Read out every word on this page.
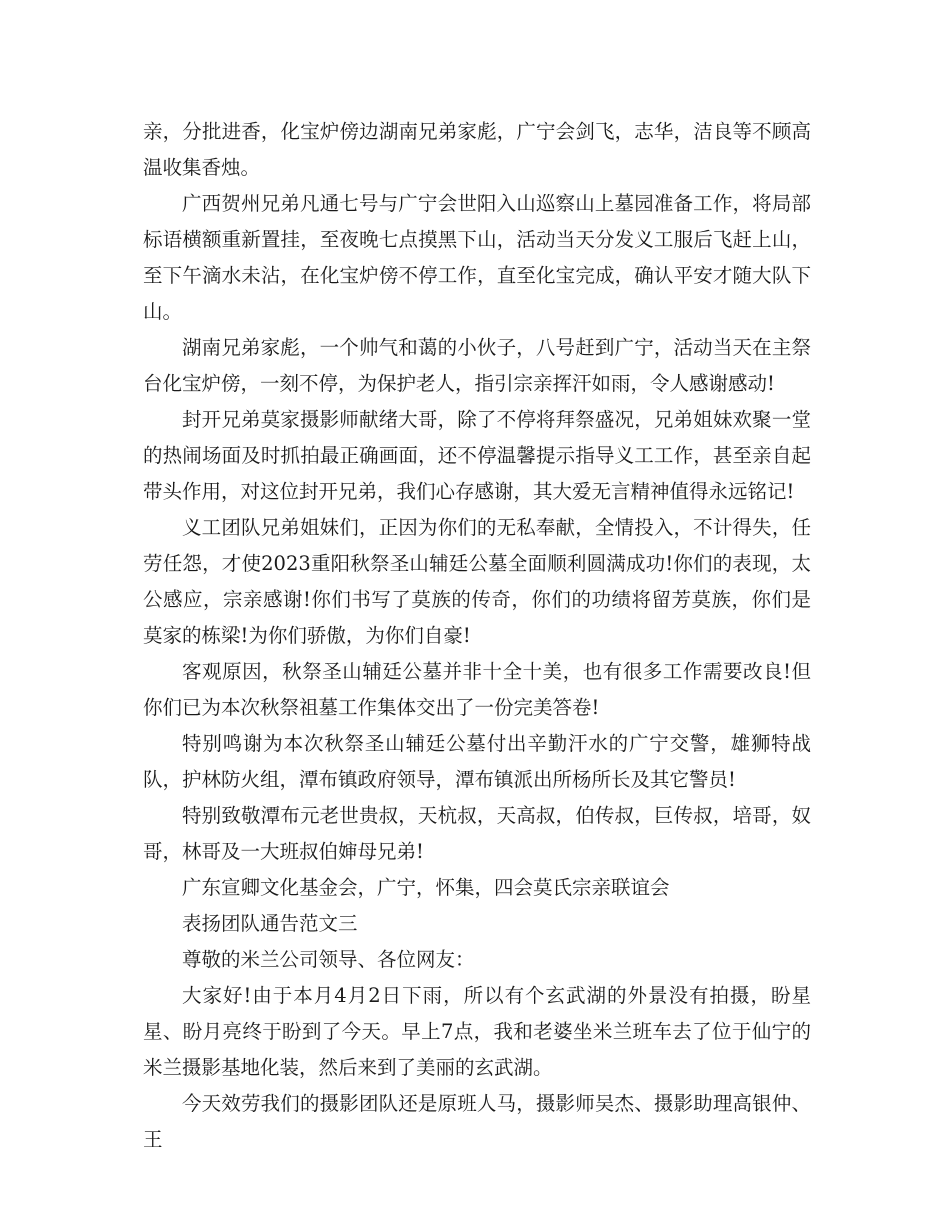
亲，分批进香，化宝炉傍边湖南兄弟家彪，广宁会剑飞，志华，洁良等不顾高温收集香烛。

广西贺州兄弟凡通七号与广宁会世阳入山巡察山上墓园准备工作，将局部标语横额重新置挂，至夜晚七点摸黑下山，活动当天分发义工服后飞赶上山，至下午滴水未沾，在化宝炉傍不停工作，直至化宝完成，确认平安才随大队下山。

湖南兄弟家彪，一个帅气和蔼的小伙子，八号赶到广宁，活动当天在主祭台化宝炉傍，一刻不停，为保护老人，指引宗亲挥汗如雨，令人感谢感动!

封开兄弟莫家摄影师献绪大哥，除了不停将拜祭盛况，兄弟姐妹欢聚一堂的热闹场面及时抓拍最正确画面，还不停温馨提示指导义工工作，甚至亲自起带头作用，对这位封开兄弟，我们心存感谢，其大爱无言精神值得永远铭记!

义工团队兄弟姐妹们，正因为你们的无私奉献，全情投入，不计得失，任劳任怨，才使2023重阳秋祭圣山辅廷公墓全面顺利圆满成功!你们的表现，太公感应，宗亲感谢!你们书写了莫族的传奇，你们的功绩将留芳莫族，你们是莫家的栋梁!为你们骄傲，为你们自豪!

客观原因，秋祭圣山辅廷公墓并非十全十美，也有很多工作需要改良!但你们已为本次秋祭祖墓工作集体交出了一份完美答卷!

特别鸣谢为本次秋祭圣山辅廷公墓付出辛勤汗水的广宁交警，雄狮特战队，护林防火组，潭布镇政府领导，潭布镇派出所杨所长及其它警员!

特别致敬潭布元老世贵叔，天杭叔，天高叔，伯传叔，巨传叔，培哥，奴哥，林哥及一大班叔伯婶母兄弟!

广东宣卿文化基金会，广宁，怀集，四会莫氏宗亲联谊会

表扬团队通告范文三

尊敬的米兰公司领导、各位网友：

大家好!由于本月4月2日下雨，所以有个玄武湖的外景没有拍摄，盼星星、盼月亮终于盼到了今天。早上7点，我和老婆坐米兰班车去了位于仙宁的米兰摄影基地化装，然后来到了美丽的玄武湖。

今天效劳我们的摄影团队还是原班人马，摄影师吴杰、摄影助理高银仲、王
